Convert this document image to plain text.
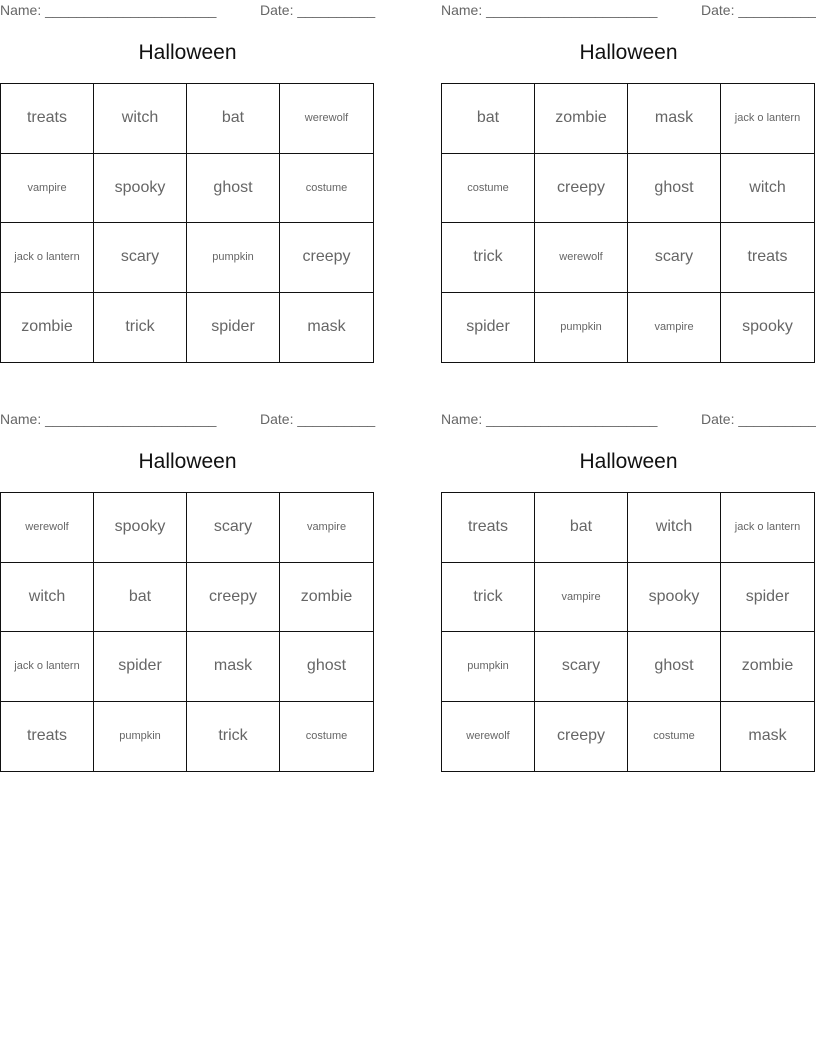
Name: ______________________	Date: __________
Halloween
treats	witch	bat	werewolf
vampire	spooky	ghost	costume
jack o lantern	scary	pumpkin	creepy
zombie	trick	spider	mask
Name: ______________________	Date: __________
Halloween
bat	zombie	mask	jack o lantern
costume	creepy	ghost	witch
trick	werewolf	scary	treats
spider	pumpkin	vampire	spooky
Name: ______________________	Date: __________
Halloween
werewolf	spooky	scary	vampire
witch	bat	creepy	zombie
jack o lantern	spider	mask	ghost
treats	pumpkin	trick	costume
Name: ______________________	Date: __________
Halloween
treats	bat	witch	jack o lantern
trick	vampire	spooky	spider
pumpkin	scary	ghost	zombie
werewolf	creepy	costume	mask
